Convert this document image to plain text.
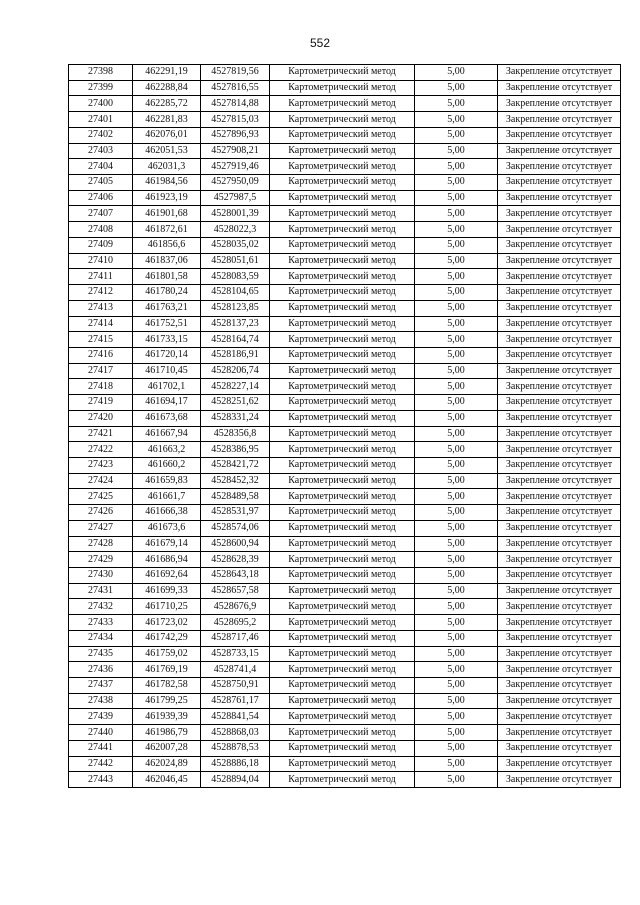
552
27398	462291,19	4527819,56	Картометрический метод	5,00	Закрепление отсутствует
27399	462288,84	4527816,55	Картометрический метод	5,00	Закрепление отсутствует
27400	462285,72	4527814,88	Картометрический метод	5,00	Закрепление отсутствует
27401	462281,83	4527815,03	Картометрический метод	5,00	Закрепление отсутствует
27402	462076,01	4527896,93	Картометрический метод	5,00	Закрепление отсутствует
27403	462051,53	4527908,21	Картометрический метод	5,00	Закрепление отсутствует
27404	462031,3	4527919,46	Картометрический метод	5,00	Закрепление отсутствует
27405	461984,56	4527950,09	Картометрический метод	5,00	Закрепление отсутствует
27406	461923,19	4527987,5	Картометрический метод	5,00	Закрепление отсутствует
27407	461901,68	4528001,39	Картометрический метод	5,00	Закрепление отсутствует
27408	461872,61	4528022,3	Картометрический метод	5,00	Закрепление отсутствует
27409	461856,6	4528035,02	Картометрический метод	5,00	Закрепление отсутствует
27410	461837,06	4528051,61	Картометрический метод	5,00	Закрепление отсутствует
27411	461801,58	4528083,59	Картометрический метод	5,00	Закрепление отсутствует
27412	461780,24	4528104,65	Картометрический метод	5,00	Закрепление отсутствует
27413	461763,21	4528123,85	Картометрический метод	5,00	Закрепление отсутствует
27414	461752,51	4528137,23	Картометрический метод	5,00	Закрепление отсутствует
27415	461733,15	4528164,74	Картометрический метод	5,00	Закрепление отсутствует
27416	461720,14	4528186,91	Картометрический метод	5,00	Закрепление отсутствует
27417	461710,45	4528206,74	Картометрический метод	5,00	Закрепление отсутствует
27418	461702,1	4528227,14	Картометрический метод	5,00	Закрепление отсутствует
27419	461694,17	4528251,62	Картометрический метод	5,00	Закрепление отсутствует
27420	461673,68	4528331,24	Картометрический метод	5,00	Закрепление отсутствует
27421	461667,94	4528356,8	Картометрический метод	5,00	Закрепление отсутствует
27422	461663,2	4528386,95	Картометрический метод	5,00	Закрепление отсутствует
27423	461660,2	4528421,72	Картометрический метод	5,00	Закрепление отсутствует
27424	461659,83	4528452,32	Картометрический метод	5,00	Закрепление отсутствует
27425	461661,7	4528489,58	Картометрический метод	5,00	Закрепление отсутствует
27426	461666,38	4528531,97	Картометрический метод	5,00	Закрепление отсутствует
27427	461673,6	4528574,06	Картометрический метод	5,00	Закрепление отсутствует
27428	461679,14	4528600,94	Картометрический метод	5,00	Закрепление отсутствует
27429	461686,94	4528628,39	Картометрический метод	5,00	Закрепление отсутствует
27430	461692,64	4528643,18	Картометрический метод	5,00	Закрепление отсутствует
27431	461699,33	4528657,58	Картометрический метод	5,00	Закрепление отсутствует
27432	461710,25	4528676,9	Картометрический метод	5,00	Закрепление отсутствует
27433	461723,02	4528695,2	Картометрический метод	5,00	Закрепление отсутствует
27434	461742,29	4528717,46	Картометрический метод	5,00	Закрепление отсутствует
27435	461759,02	4528733,15	Картометрический метод	5,00	Закрепление отсутствует
27436	461769,19	4528741,4	Картометрический метод	5,00	Закрепление отсутствует
27437	461782,58	4528750,91	Картометрический метод	5,00	Закрепление отсутствует
27438	461799,25	4528761,17	Картометрический метод	5,00	Закрепление отсутствует
27439	461939,39	4528841,54	Картометрический метод	5,00	Закрепление отсутствует
27440	461986,79	4528868,03	Картометрический метод	5,00	Закрепление отсутствует
27441	462007,28	4528878,53	Картометрический метод	5,00	Закрепление отсутствует
27442	462024,89	4528886,18	Картометрический метод	5,00	Закрепление отсутствует
27443	462046,45	4528894,04	Картометрический метод	5,00	Закрепление отсутствует
